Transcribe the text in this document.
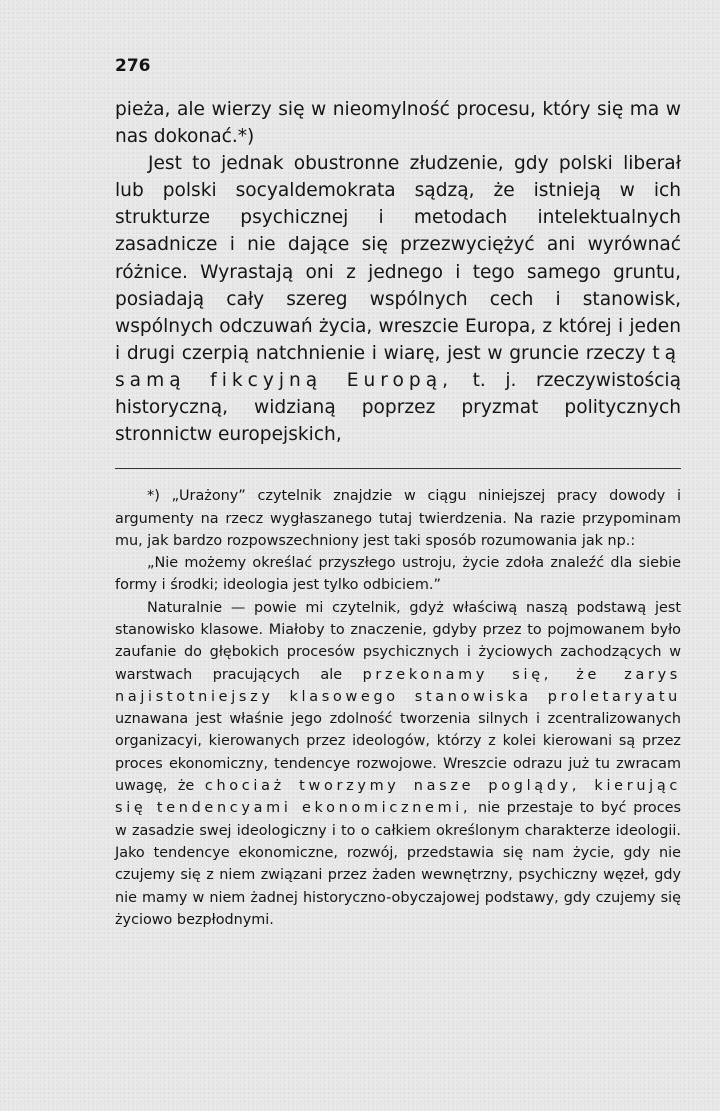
276

pieża, ale wierzy się w nieomylność procesu, który się ma w nas dokonać.*)

Jest to jednak obustronne złudzenie, gdy polski liberał lub polski socyaldemokrata sądzą, że istnieją w ich strukturze psychicznej i metodach intelektualnych zasadnicze i nie dające się przezwyciężyć ani wyrównać różnice. Wyrastają oni z jednego i tego samego gruntu, posiadają cały szereg wspólnych cech i stanowisk, wspólnych odczuwań życia, wreszcie Europa, z której i jeden i drugi czerpią natchnienie i wiarę, jest w gruncie rzeczy tą samą fikcyjną Europą, t. j. rzeczywistością historyczną, widzianą poprzez pryzmat politycznych stronnictw europejskich,

*) „Urażony” czytelnik znajdzie w ciągu niniejszej pracy dowody i argumenty na rzecz wygłaszanego tutaj twierdzenia. Na razie przypominam mu, jak bardzo rozpowszechniony jest taki sposób rozumowania jak np.:

„Nie możemy określać przyszłego ustroju, życie zdoła znaleźć dla siebie formy i środki; ideologia jest tylko odbiciem.”

Naturalnie — powie mi czytelnik, gdyż właściwą naszą podstawą jest stanowisko klasowe. Miałoby to znaczenie, gdyby przez to pojmowanem było zaufanie do głębokich procesów psychicznych i życiowych zachodzących w warstwach pracujących ale przekonamy się, że zarys najistotniejszy klasowego stanowiska proletaryatu uznawana jest właśnie jego zdolność tworzenia silnych i zcentralizowanych organizacyi, kierowanych przez ideologów, którzy z kolei kierowani są przez proces ekonomiczny, tendencye rozwojowe. Wreszcie odrazu już tu zwracam uwagę, że chociaż tworzymy nasze poglądy, kierując się tendencyami ekonomicznemi, nie przestaje to być proces w zasadzie swej ideologiczny i to o całkiem określonym charakterze ideologii. Jako tendencye ekonomiczne, rozwój, przedstawia się nam życie, gdy nie czujemy się z niem związani przez żaden wewnętrzny, psychiczny węzeł, gdy nie mamy w niem żadnej historyczno-obyczajowej podstawy, gdy czujemy się życiowo bezpłodnymi.
